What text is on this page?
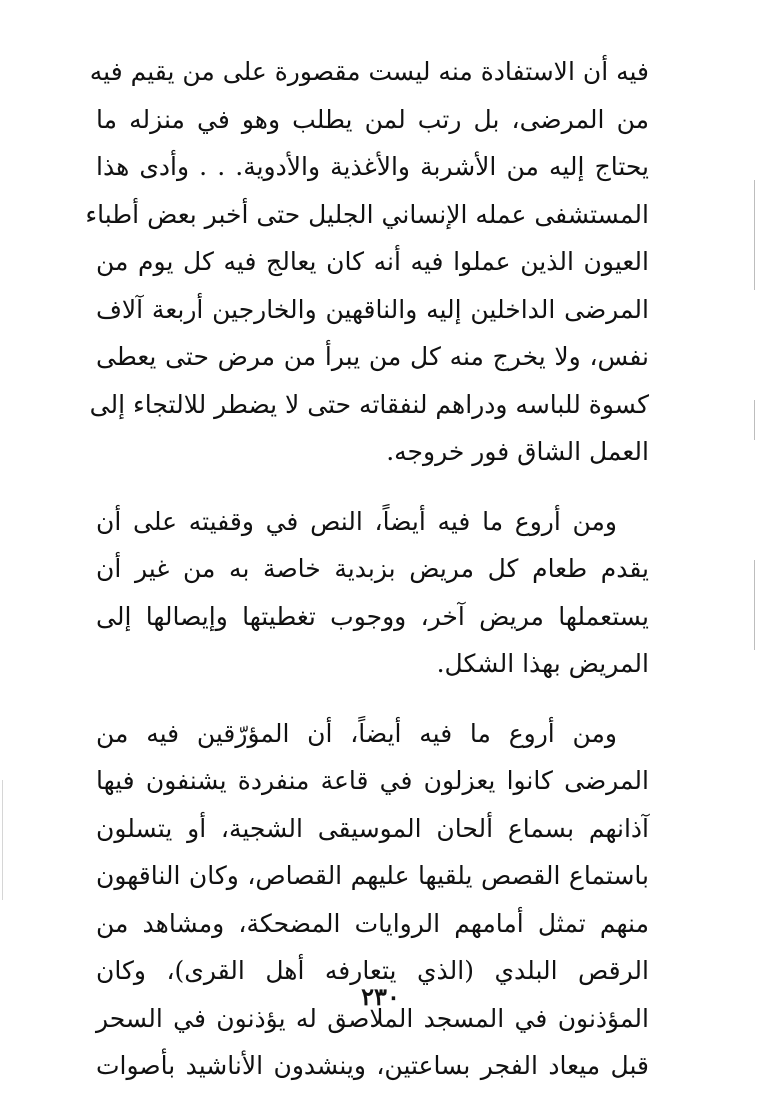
فيه أن الاستفادة منه ليست مقصورة على من يقيم فيه
من المرضى، بل رتب لمن يطلب وهو في منزله ما
يحتاج إليه من الأشربة والأغذية والأدوية. . . وأدى هذا
المستشفى عمله الإنساني الجليل حتى أخبر بعض أطباء
العيون الذين عملوا فيه أنه كان يعالج فيه كل يوم من
المرضى الداخلين إليه والناقهين والخارجين أربعة آلاف
نفس، ولا يخرج منه كل من يبرأ من مرض حتى يعطى
كسوة للباسه ودراهم لنفقاته حتى لا يضطر للالتجاء إلى
العمل الشاق فور خروجه.

ومن أروع ما فيه أيضاً، النص في وقفيته على أن
يقدم طعام كل مريض بزبدية خاصة به من غير أن
يستعملها مريض آخر، ووجوب تغطيتها وإيصالها إلى
المريض بهذا الشكل.

ومن أروع ما فيه أيضاً، أن المؤرّقين فيه من
المرضى كانوا يعزلون في قاعة منفردة يشنفون فيها
آذانهم بسماع ألحان الموسيقى الشجية، أو يتسلون
باستماع القصص يلقيها عليهم القصاص، وكان الناقهون
منهم تمثل أمامهم الروايات المضحكة، ومشاهد من
الرقص البلدي (الذي يتعارفه أهل القرى)، وكان
المؤذنون في المسجد الملاصق له يؤذنون في السحر
قبل ميعاد الفجر بساعتين، وينشدون الأناشيد بأصوات

٢٣٠
